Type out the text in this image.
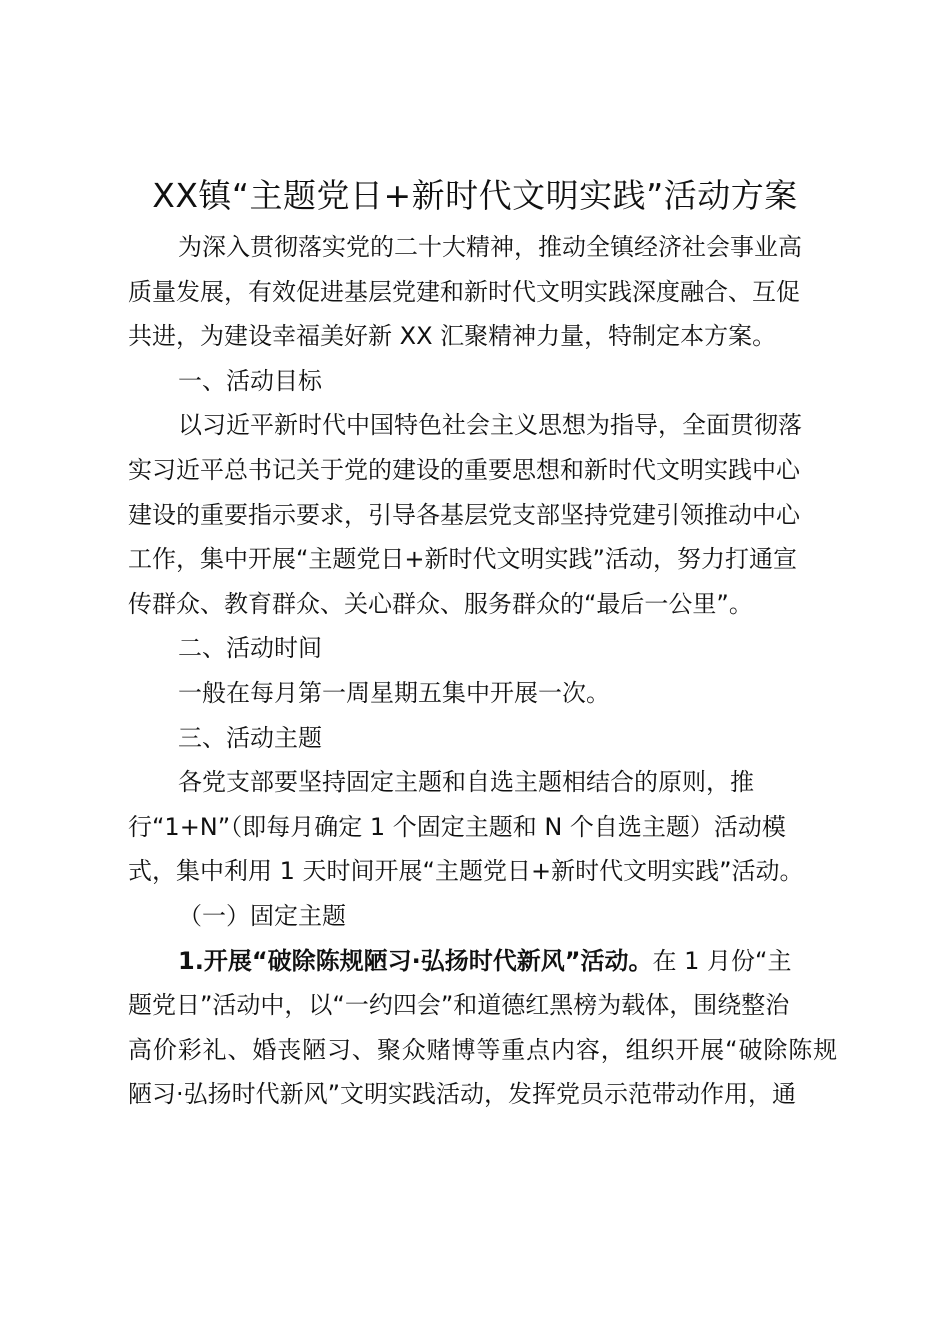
XX镇“主题党日+新时代文明实践”活动方案
为深入贯彻落实党的二十大精神，推动全镇经济社会事业高
质量发展，有效促进基层党建和新时代文明实践深度融合、互促
共进，为建设幸福美好新 XX 汇聚精神力量，特制定本方案。
一、活动目标
以习近平新时代中国特色社会主义思想为指导，全面贯彻落
实习近平总书记关于党的建设的重要思想和新时代文明实践中心
建设的重要指示要求，引导各基层党支部坚持党建引领推动中心
工作，集中开展“主题党日+新时代文明实践”活动，努力打通宣
传群众、教育群众、关心群众、服务群众的“最后一公里”。
二、活动时间
一般在每月第一周星期五集中开展一次。
三、活动主题
各党支部要坚持固定主题和自选主题相结合的原则，推
行“1+N”（即每月确定 1 个固定主题和 N 个自选主题）活动模
式，集中利用 1 天时间开展“主题党日+新时代文明实践”活动。
（一）固定主题
1.开展“破除陈规陋习·弘扬时代新风”活动。在 1 月份“主
题党日”活动中，以“一约四会”和道德红黑榜为载体，围绕整治
高价彩礼、婚丧陋习、聚众赌博等重点内容，组织开展“破除陈规
陋习·弘扬时代新风”文明实践活动，发挥党员示范带动作用，通
